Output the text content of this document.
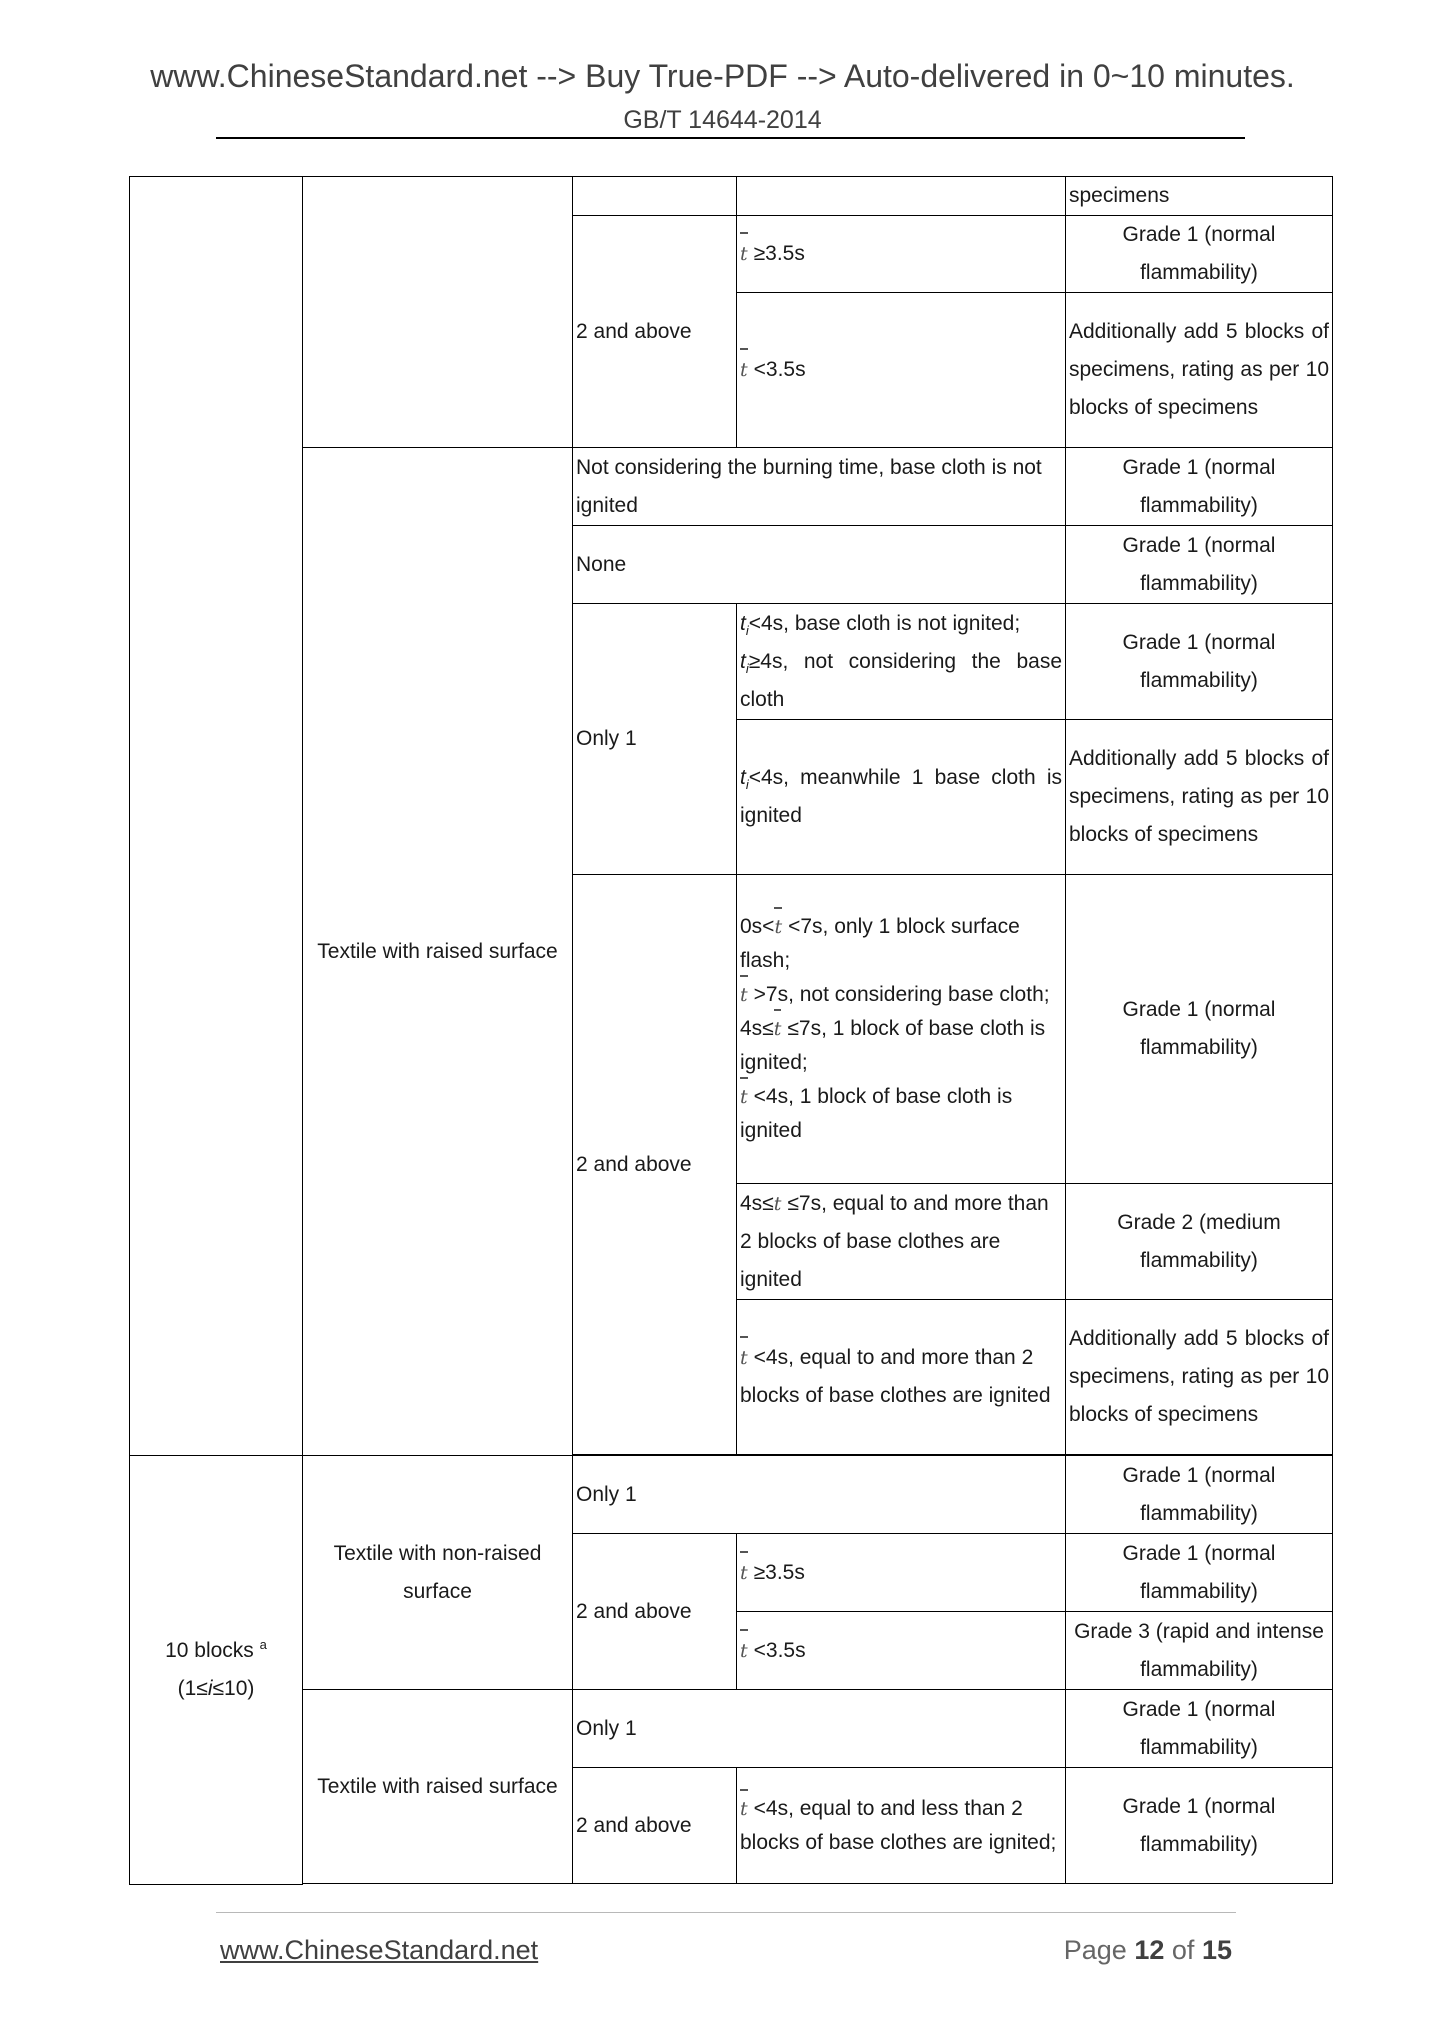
www.ChineseStandard.net --> Buy True-PDF --> Auto-delivered in 0~10 minutes.
GB/T 14644-2014
				specimens
		2 and above	t ≥3.5s	Grade 1 (normal flammability)
			t <3.5s	Additionally add 5 blocks of specimens, rating as per 10 blocks of specimens
	Textile with raised surface	Not considering the burning time, base cloth is not ignited		Grade 1 (normal flammability)
		None		Grade 1 (normal flammability)
		Only 1	$t_i<4s$, base cloth is not ignited;
$t_i\ge 4s$, not considering the base cloth	Grade 1 (normal flammability)
			$t_i<4s$, meanwhile 1 base cloth is ignited	Additionally add 5 blocks of specimens, rating as per 10 blocks of specimens
		2 and above	0s<t <7s, only 1 block surface flash;
t >7s, not considering base cloth;
4s≤t ≤7s, 1 block of base cloth is ignited;
t <4s, 1 block of base cloth is ignited	Grade 1 (normal flammability)
			4s≤t ≤7s, equal to and more than 2 blocks of base clothes are ignited	Grade 2 (medium flammability)
			t <4s, equal to and more than 2 blocks of base clothes are ignited	Additionally add 5 blocks of specimens, rating as per 10 blocks of specimens

10 blocks $^a$
(1≤i≤10)	Textile with non-raised surface	Only 1		Grade 1 (normal flammability)
		2 and above	t ≥3.5s	Grade 1 (normal flammability)
			t <3.5s	Grade 3 (rapid and intense flammability)
	Textile with raised surface	Only 1		Grade 1 (normal flammability)
		2 and above	t <4s, equal to and less than 2 blocks of base clothes are ignited;	Grade 1 (normal flammability)

www.ChineseStandard.net	Page 12 of 15
